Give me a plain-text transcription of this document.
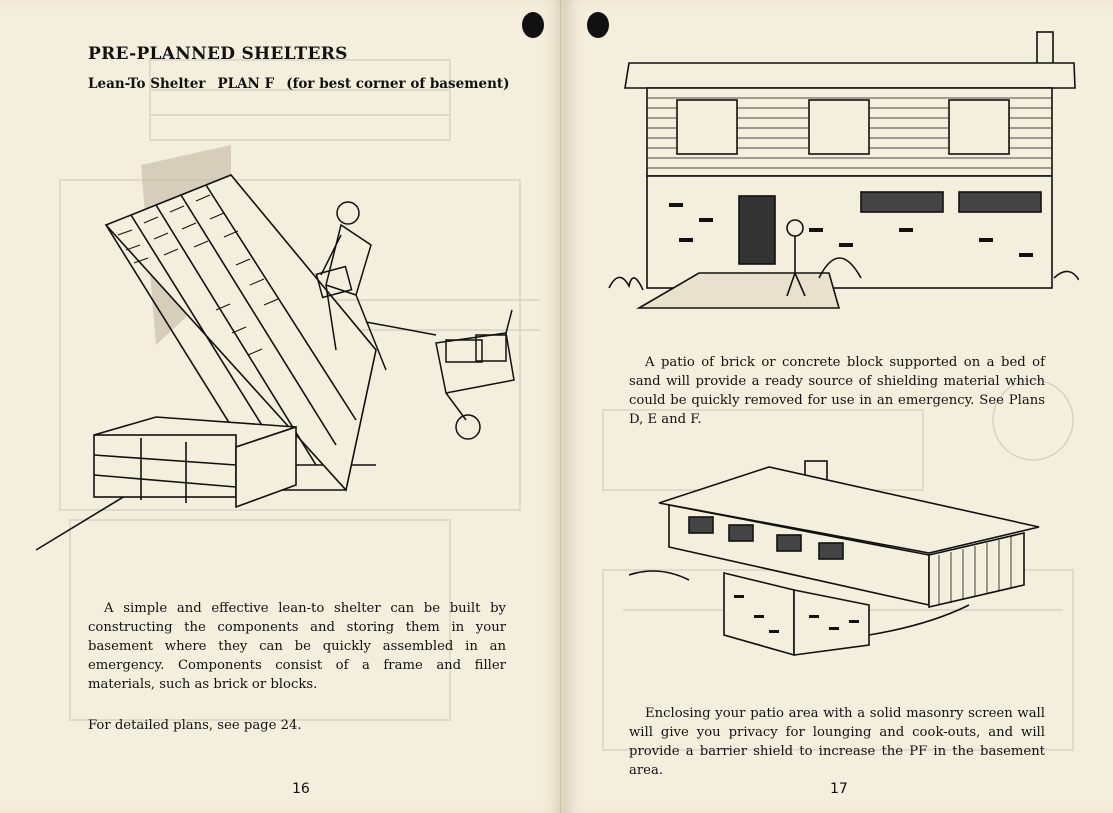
PRE-PLANNED SHELTERS
Lean-To Shelter PLAN F (for best corner of basement)
A simple and effective lean-to shelter can be built by constructing the components and storing them in your basement where they can be quickly assembled in an emergency. Components consist of a frame and filler materials, such as brick or blocks.
For detailed plans, see page 24.
16
A patio of brick or concrete block supported on a bed of sand will provide a ready source of shielding material which could be quickly removed for use in an emergency. See Plans D, E and F.
Enclosing your patio area with a solid masonry screen wall will give you privacy for lounging and cook-outs, and will provide a barrier shield to increase the PF in the basement area.
17
